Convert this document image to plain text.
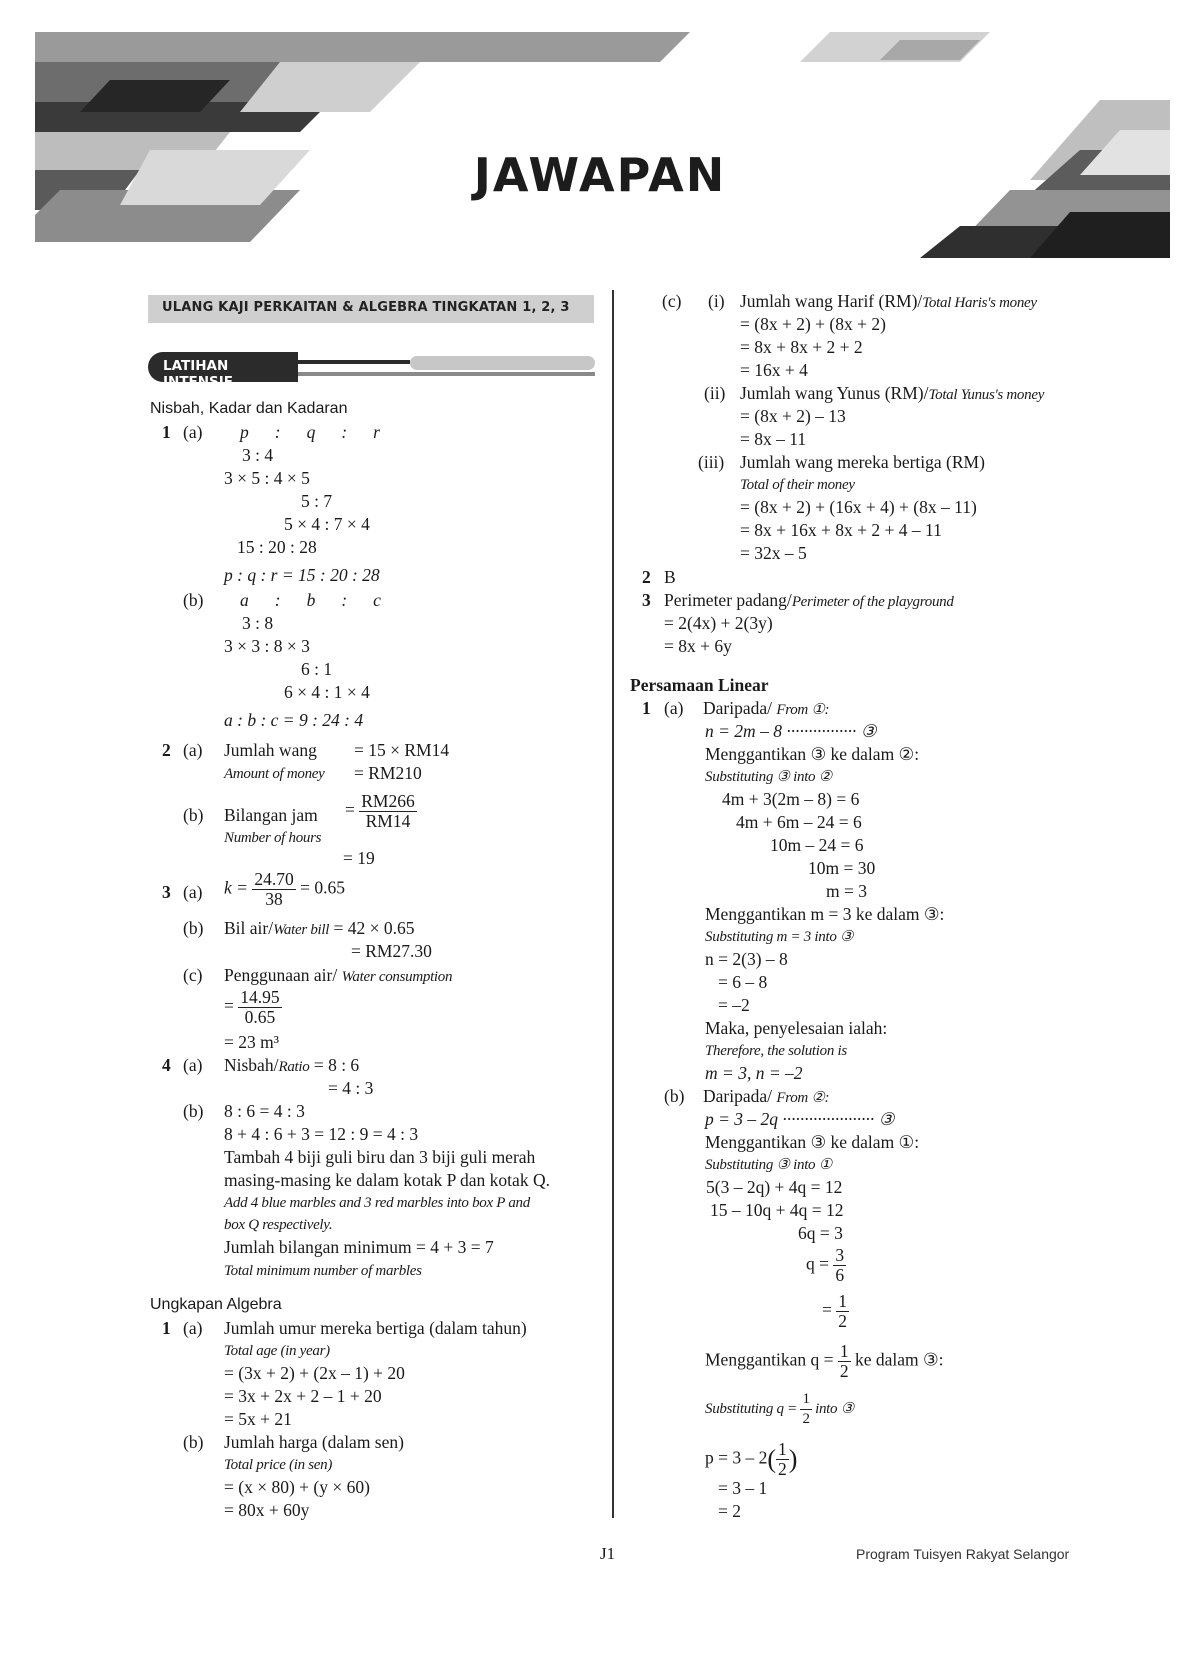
JAWAPAN
ULANG KAJI PERKAITAN & ALGEBRA TINGKATAN 1, 2, 3
LATIHAN INTENSIF
Nisbah, Kadar dan Kadaran
1 (a) p : q : r
3 : 4
3 × 5 : 4 × 5
5 : 7
5 × 4 : 7 × 4
15 : 20 : 28
p : q : r = 15 : 20 : 28
(b) a : b : c
3 : 8
3 × 3 : 8 × 3
6 : 1
6 × 4 : 1 × 4
a : b : c = 9 : 24 : 4
2 (a) Jumlah wang = 15 × RM14
Amount of money = RM210
(b) Bilangan jam
Number of hours
= $\frac{RM266}{RM14}$
= 19
3 (a) $k = \frac{24.70}{38} = 0.65$
(b) Bil air/Water bill = 42 × 0.65
= RM27.30
(c) Penggunaan air/ Water consumption
= $\frac{14.95}{0.65}$
= 23 m³
4 (a) Nisbah/Ratio = 8 : 6
= 4 : 3
(b) 8 : 6 = 4 : 3
8 + 4 : 6 + 3 = 12 : 9 = 4 : 3
Tambah 4 biji guli biru dan 3 biji guli merah
masing-masing ke dalam kotak P dan kotak Q.
Add 4 blue marbles and 3 red marbles into box P and
box Q respectively.
Jumlah bilangan minimum = 4 + 3 = 7
Total minimum number of marbles
Ungkapan Algebra
1 (a) Jumlah umur mereka bertiga (dalam tahun)
Total age (in year)
= (3x + 2) + (2x – 1) + 20
= 3x + 2x + 2 – 1 + 20
= 5x + 21
(b) Jumlah harga (dalam sen)
Total price (in sen)
= (x × 80) + (y × 60)
= 80x + 60y
(c) (i) Jumlah wang Harif (RM)/Total Haris's money
= (8x + 2) + (8x + 2)
= 8x + 8x + 2 + 2
= 16x + 4
(ii) Jumlah wang Yunus (RM)/Total Yunus's money
= (8x + 2) – 13
= 8x – 11
(iii) Jumlah wang mereka bertiga (RM)
Total of their money
= (8x + 2) + (16x + 4) + (8x – 11)
= 8x + 16x + 8x + 2 + 4 – 11
= 32x – 5
2 B
3 Perimeter padang/Perimeter of the playground
= 2(4x) + 2(3y)
= 8x + 6y
Persamaan Linear
1 (a) Daripada/ From ①:
n = 2m – 8 ················ ③
Menggantikan ③ ke dalam ②:
Substituting ③ into ②
4m + 3(2m – 8) = 6
4m + 6m – 24 = 6
10m – 24 = 6
10m = 30
m = 3
Menggantikan m = 3 ke dalam ③:
Substituting m = 3 into ③
n = 2(3) – 8
= 6 – 8
= –2
Maka, penyelesaian ialah:
Therefore, the solution is
m = 3, n = –2
(b) Daripada/ From ②:
p = 3 – 2q ····················· ③
Menggantikan ③ ke dalam ①:
Substituting ③ into ①
5(3 – 2q) + 4q = 12
15 – 10q + 4q = 12
6q = 3
$q = \frac{3}{6}$
= $\frac{1}{2}$
Menggantikan $q = \frac{1}{2}$ ke dalam ③:
Substituting $q = \frac{1}{2}$ into ③
$p = 3 - 2( \frac{1}{2}$ )
= 3 – 1
= 2
J1	Program Tuisyen Rakyat Selangor
